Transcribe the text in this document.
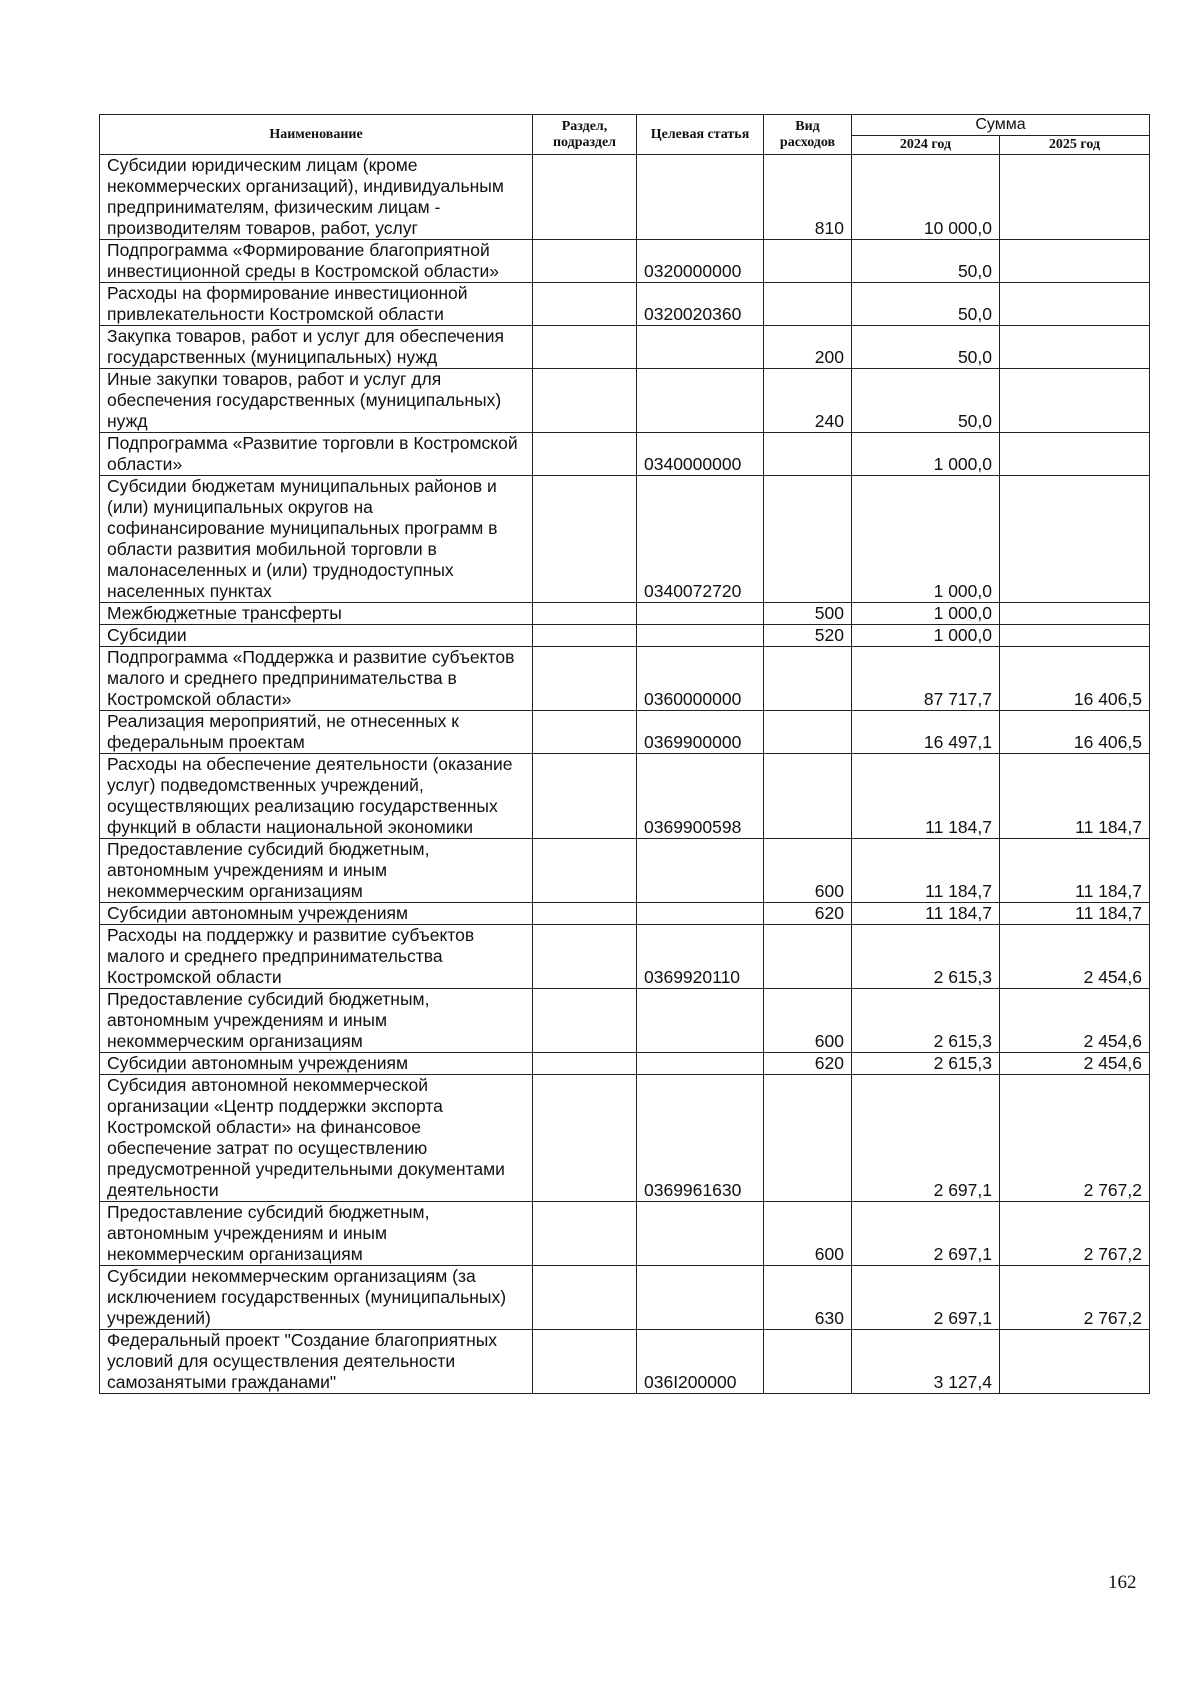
Наименование	Раздел, подраздел	Целевая статья	Вид расходов	Сумма	
				2024 год	2025 год
Субсидии юридическим лицам (кроме некоммерческих организаций), индивидуальным предпринимателям, физическим лицам - производителям товаров, работ, услуг			810	10 000,0	
Подпрограмма «Формирование благоприятной инвестиционной среды в Костромской области»		0320000000		50,0	
Расходы на формирование инвестиционной привлекательности Костромской области		0320020360		50,0	
Закупка товаров, работ и услуг для обеспечения государственных (муниципальных) нужд			200	50,0	
Иные закупки товаров, работ и услуг для обеспечения государственных (муниципальных) нужд			240	50,0	
Подпрограмма «Развитие торговли в Костромской области»		0340000000		1 000,0	
Субсидии бюджетам муниципальных районов и (или) муниципальных округов на софинансирование муниципальных программ в области развития мобильной торговли в малонаселенных и (или) труднодоступных населенных пунктах		0340072720		1 000,0	
Межбюджетные трансферты			500	1 000,0	
Субсидии			520	1 000,0	
Подпрограмма «Поддержка и развитие субъектов малого и среднего предпринимательства в Костромской области»		0360000000		87 717,7	16 406,5
Реализация мероприятий, не отнесенных к федеральным проектам		0369900000		16 497,1	16 406,5
Расходы на обеспечение деятельности (оказание услуг) подведомственных учреждений, осуществляющих реализацию государственных функций в области национальной экономики		0369900598		11 184,7	11 184,7
Предоставление субсидий бюджетным, автономным учреждениям и иным некоммерческим организациям			600	11 184,7	11 184,7
Субсидии автономным учреждениям			620	11 184,7	11 184,7
Расходы на поддержку и развитие субъектов малого и среднего предпринимательства Костромской области		0369920110		2 615,3	2 454,6
Предоставление субсидий бюджетным, автономным учреждениям и иным некоммерческим организациям			600	2 615,3	2 454,6
Субсидии автономным учреждениям			620	2 615,3	2 454,6
Субсидия автономной некоммерческой организации «Центр поддержки экспорта Костромской области» на финансовое обеспечение затрат по осуществлению предусмотренной учредительными документами деятельности		0369961630		2 697,1	2 767,2
Предоставление субсидий бюджетным, автономным учреждениям и иным некоммерческим организациям			600	2 697,1	2 767,2
Субсидии некоммерческим организациям (за исключением государственных (муниципальных) учреждений)			630	2 697,1	2 767,2
Федеральный проект "Создание благоприятных условий для осуществления деятельности самозанятыми гражданами"		036I200000		3 127,4	
162
